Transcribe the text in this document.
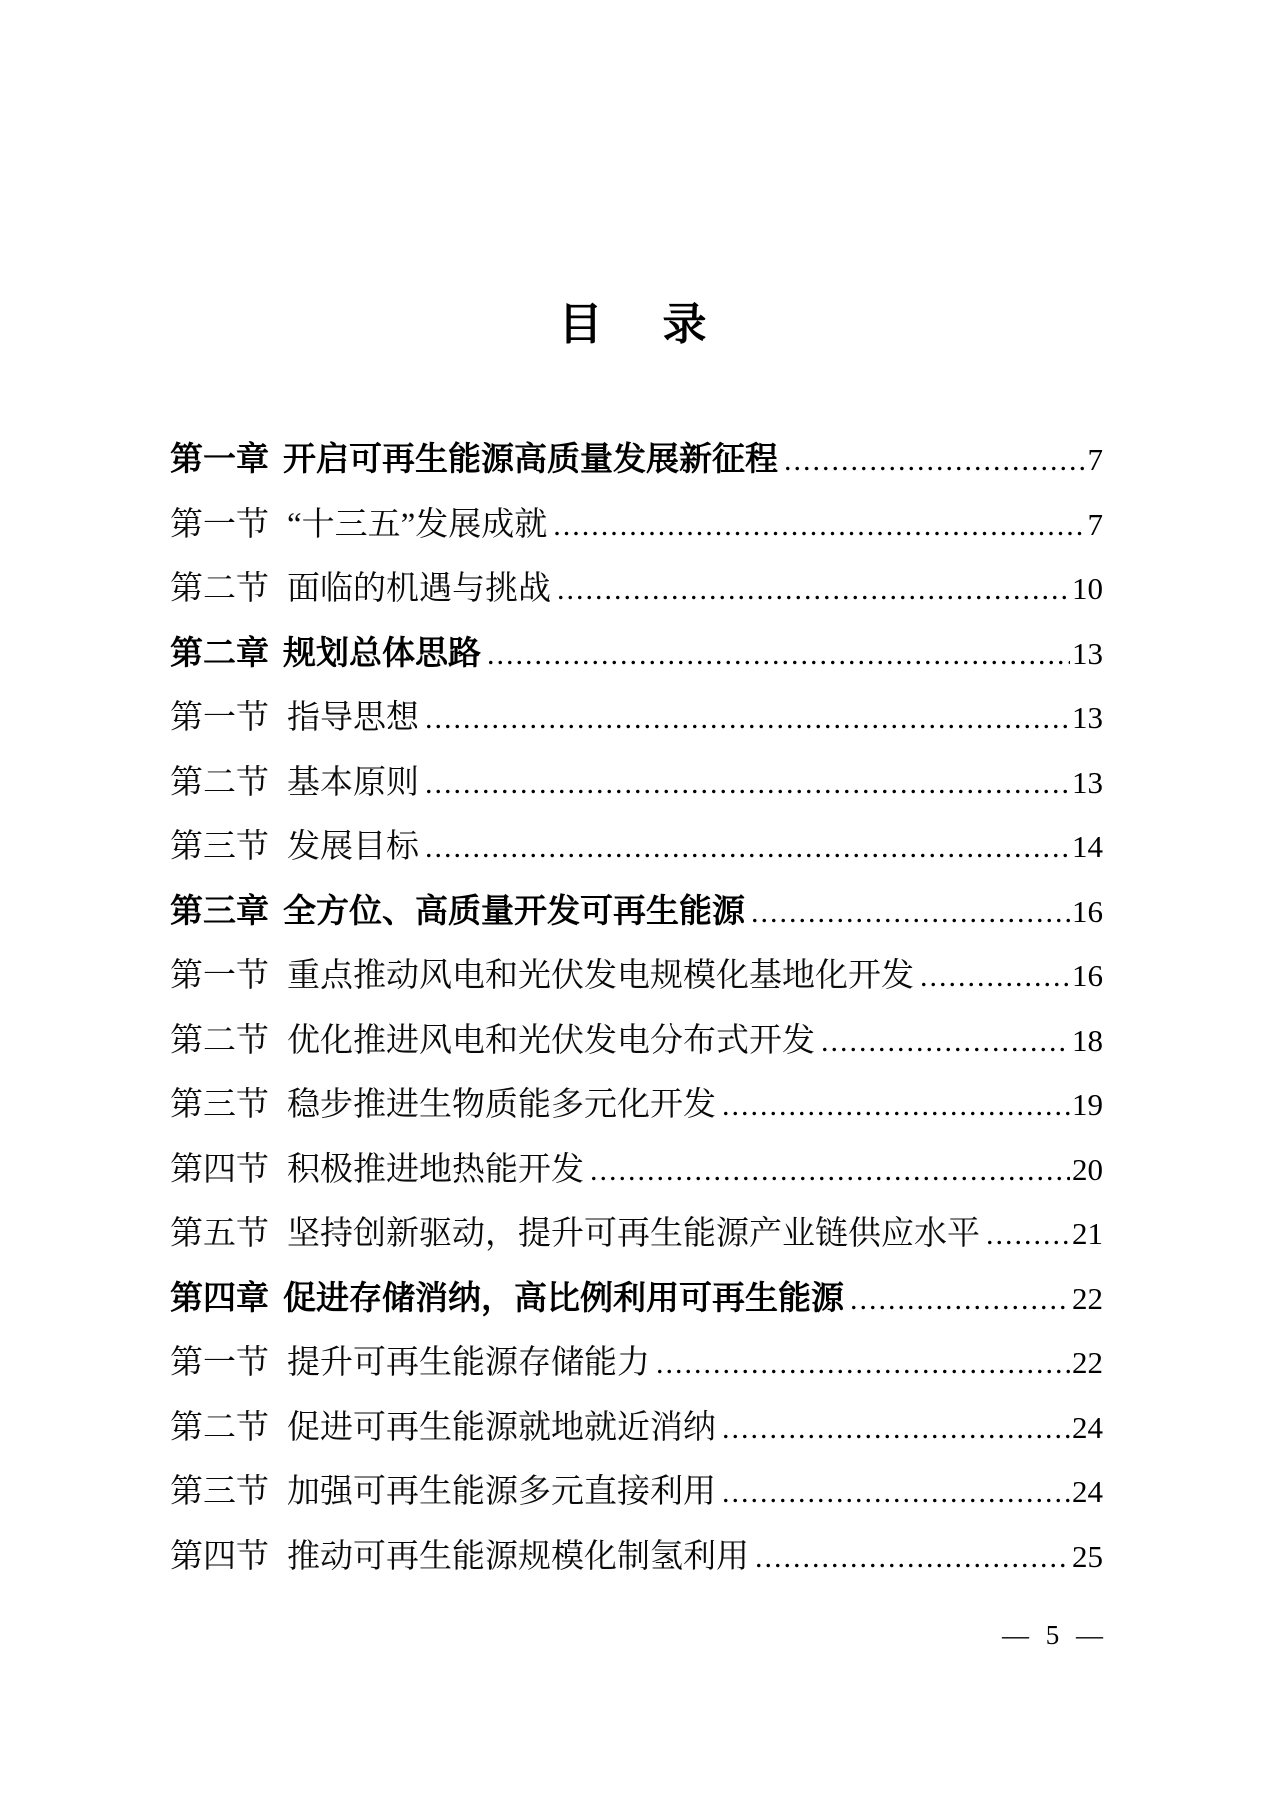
目　录
第一章 开启可再生能源高质量发展新征程 .....	7
第一节 “十三五”发展成就 .....	7
第二节 面临的机遇与挑战 .....	10
第二章 规划总体思路 .....	13
第一节 指导思想 .....	13
第二节 基本原则 .....	13
第三节 发展目标 .....	14
第三章 全方位、高质量开发可再生能源 .....	16
第一节 重点推动风电和光伏发电规模化基地化开发 .....	16
第二节 优化推进风电和光伏发电分布式开发 .....	18
第三节 稳步推进生物质能多元化开发 .....	19
第四节 积极推进地热能开发 .....	20
第五节 坚持创新驱动，提升可再生能源产业链供应水平 .....	21
第四章 促进存储消纳，高比例利用可再生能源 .....	22
第一节 提升可再生能源存储能力 .....	22
第二节 促进可再生能源就地就近消纳 .....	24
第三节 加强可再生能源多元直接利用 .....	24
第四节 推动可再生能源规模化制氢利用 .....	25
— 5 —
